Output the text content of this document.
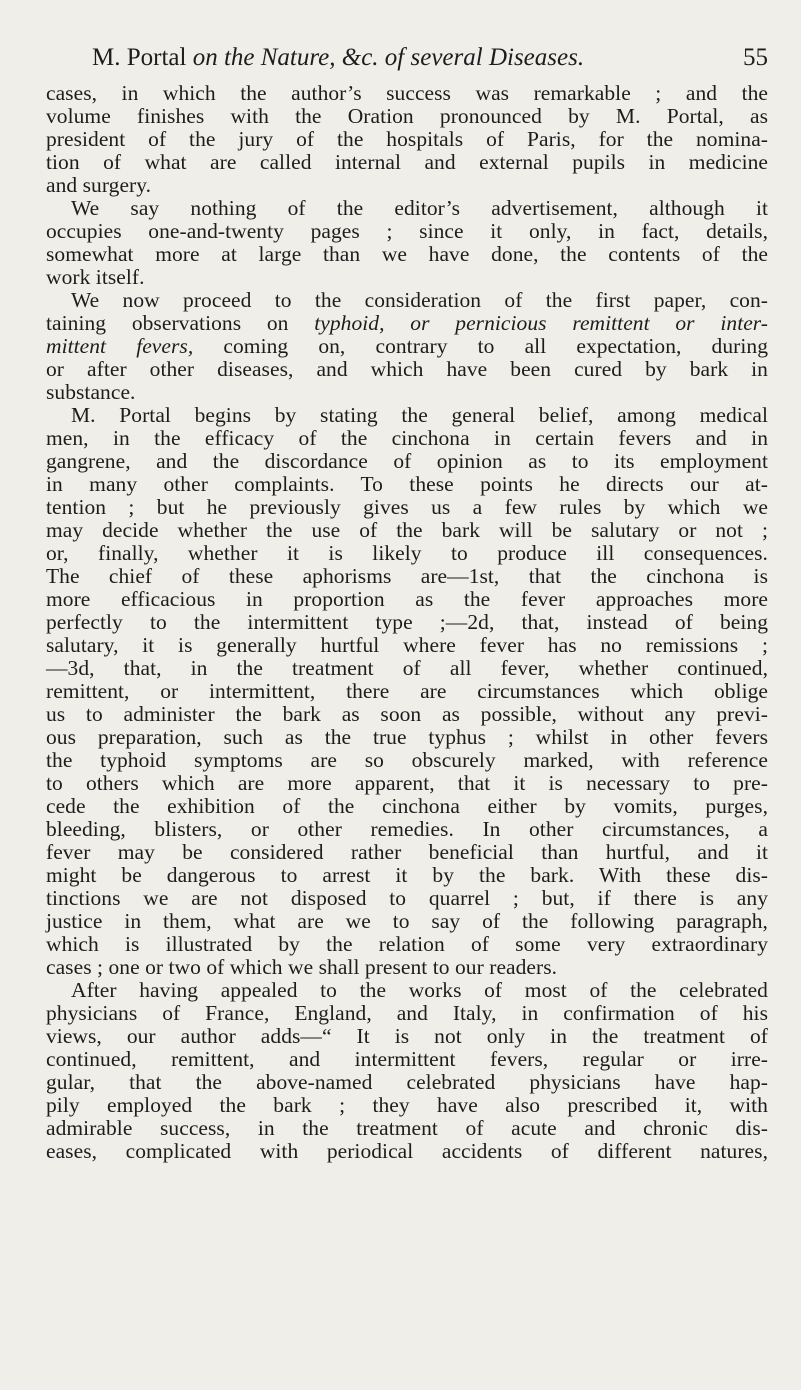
M. Portal on the Nature, &c. of several Diseases.	55
cases, in which the author’s success was remarkable ; and the
volume finishes with the Oration pronounced by M. Portal, as
president of the jury of the hospitals of Paris, for the nomina-
tion of what are called internal and external pupils in medicine
and surgery.
We say nothing of the editor’s advertisement, although it
occupies one-and-twenty pages ; since it only, in fact, details,
somewhat more at large than we have done, the contents of the
work itself.
We now proceed to the consideration of the first paper, con-
taining observations on typhoid, or pernicious remittent or inter-
mittent fevers, coming on, contrary to all expectation, during
or after other diseases, and which have been cured by bark in
substance.
M. Portal begins by stating the general belief, among medical
men, in the efficacy of the cinchona in certain fevers and in
gangrene, and the discordance of opinion as to its employment
in many other complaints. To these points he directs our at-
tention ; but he previously gives us a few rules by which we
may decide whether the use of the bark will be salutary or not ;
or, finally, whether it is likely to produce ill consequences.
The chief of these aphorisms are—1st, that the cinchona is
more efficacious in proportion as the fever approaches more
perfectly to the intermittent type ;—2d, that, instead of being
salutary, it is generally hurtful where fever has no remissions ;
—3d, that, in the treatment of all fever, whether continued,
remittent, or intermittent, there are circumstances which oblige
us to administer the bark as soon as possible, without any previ-
ous preparation, such as the true typhus ; whilst in other fevers
the typhoid symptoms are so obscurely marked, with reference
to others which are more apparent, that it is necessary to pre-
cede the exhibition of the cinchona either by vomits, purges,
bleeding, blisters, or other remedies. In other circumstances, a
fever may be considered rather beneficial than hurtful, and it
might be dangerous to arrest it by the bark. With these dis-
tinctions we are not disposed to quarrel ; but, if there is any
justice in them, what are we to say of the following paragraph,
which is illustrated by the relation of some very extraordinary
cases ; one or two of which we shall present to our readers.
After having appealed to the works of most of the celebrated
physicians of France, England, and Italy, in confirmation of his
views, our author adds—“ It is not only in the treatment of
continued, remittent, and intermittent fevers, regular or irre-
gular, that the above-named celebrated physicians have hap-
pily employed the bark ; they have also prescribed it, with
admirable success, in the treatment of acute and chronic dis-
eases, complicated with periodical accidents of different natures,
